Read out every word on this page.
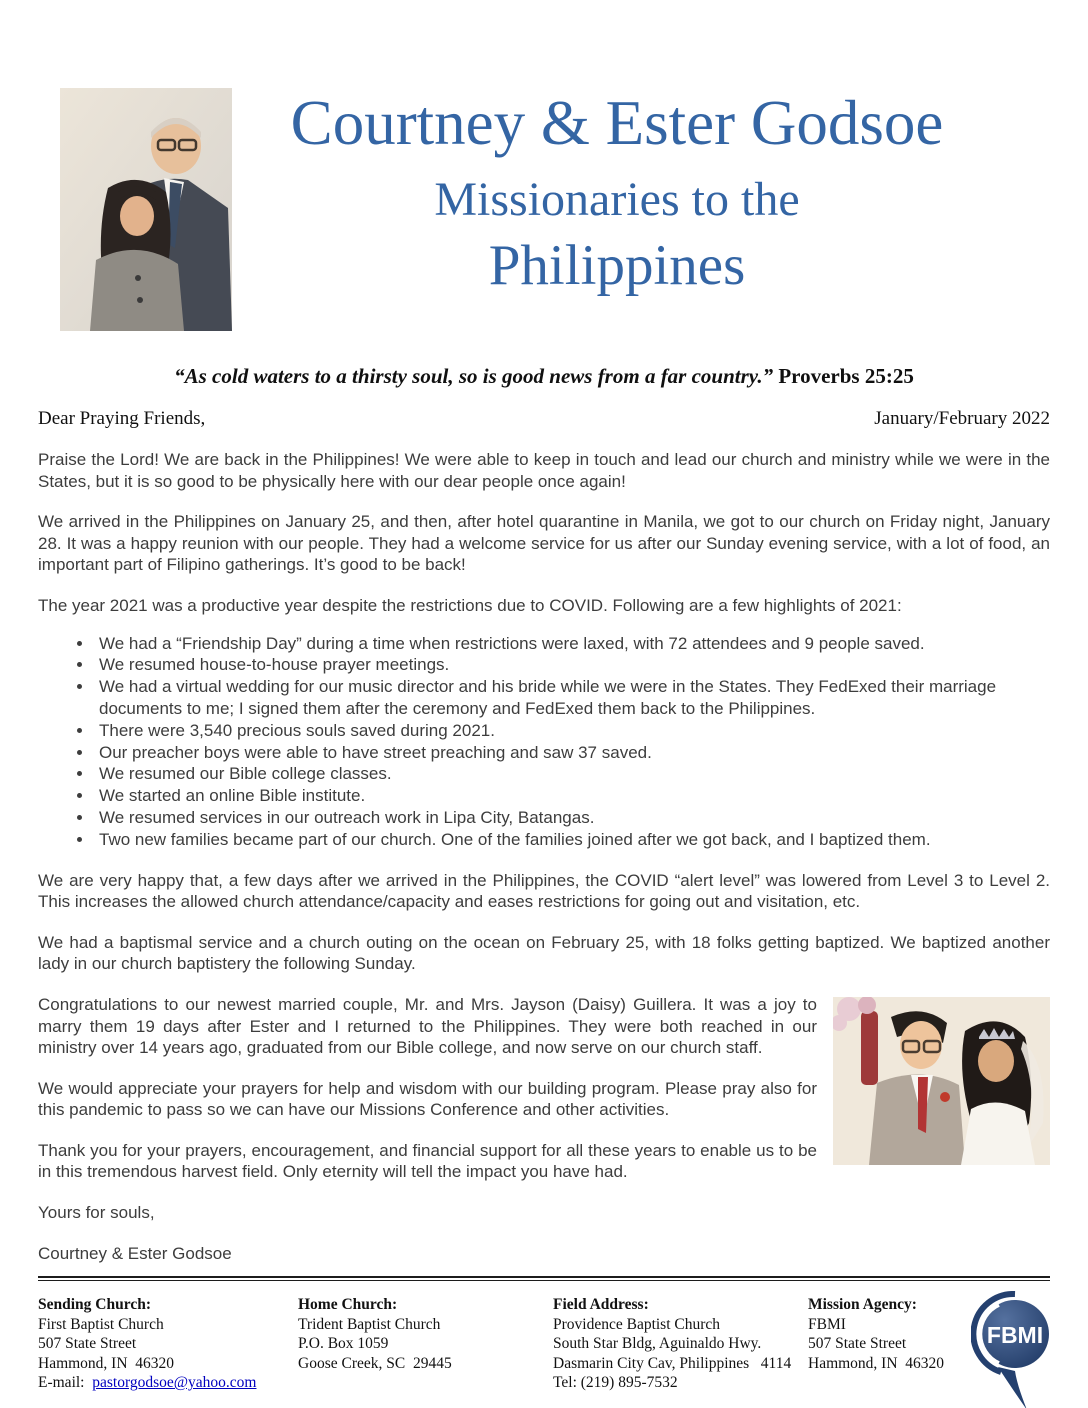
Courtney & Ester Godsoe
Missionaries to the
Philippines
“As cold waters to a thirsty soul, so is good news from a far country.” Proverbs 25:25
Dear Praying Friends,	January/February 2022

Praise the Lord! We are back in the Philippines! We were able to keep in touch and lead our church and ministry while we were in the States, but it is so good to be physically here with our dear people once again!

We arrived in the Philippines on January 25, and then, after hotel quarantine in Manila, we got to our church on Friday night, January 28. It was a happy reunion with our people. They had a welcome service for us after our Sunday evening service, with a lot of food, an important part of Filipino gatherings. It’s good to be back!

The year 2021 was a productive year despite the restrictions due to COVID. Following are a few highlights of 2021:

• We had a “Friendship Day” during a time when restrictions were laxed, with 72 attendees and 9 people saved.
• We resumed house-to-house prayer meetings.
• We had a virtual wedding for our music director and his bride while we were in the States. They FedExed their marriage documents to me; I signed them after the ceremony and FedExed them back to the Philippines.
• There were 3,540 precious souls saved during 2021.
• Our preacher boys were able to have street preaching and saw 37 saved.
• We resumed our Bible college classes.
• We started an online Bible institute.
• We resumed services in our outreach work in Lipa City, Batangas.
• Two new families became part of our church. One of the families joined after we got back, and I baptized them.

We are very happy that, a few days after we arrived in the Philippines, the COVID “alert level” was lowered from Level 3 to Level 2. This increases the allowed church attendance/capacity and eases restrictions for going out and visitation, etc.

We had a baptismal service and a church outing on the ocean on February 25, with 18 folks getting baptized. We baptized another lady in our church baptistery the following Sunday.

Congratulations to our newest married couple, Mr. and Mrs. Jayson (Daisy) Guillera. It was a joy to marry them 19 days after Ester and I returned to the Philippines. They were both reached in our ministry over 14 years ago, graduated from our Bible college, and now serve on our church staff.

We would appreciate your prayers for help and wisdom with our building program. Please pray also for this pandemic to pass so we can have our Missions Conference and other activities.

Thank you for your prayers, encouragement, and financial support for all these years to enable us to be in this tremendous harvest field. Only eternity will tell the impact you have had.

Yours for souls,

Courtney & Ester Godsoe

Sending Church:
First Baptist Church
507 State Street
Hammond, IN  46320
E-mail: pastorgodsoe@yahoo.com
Home Church:
Trident Baptist Church
P.O. Box 1059
Goose Creek, SC  29445
Field Address:
Providence Baptist Church
South Star Bldg, Aguinaldo Hwy.
Dasmarin City Cav, Philippines   4114
Tel: (219) 895-7532
Mission Agency:
FBMI
507 State Street
Hammond, IN  46320
FBMI
